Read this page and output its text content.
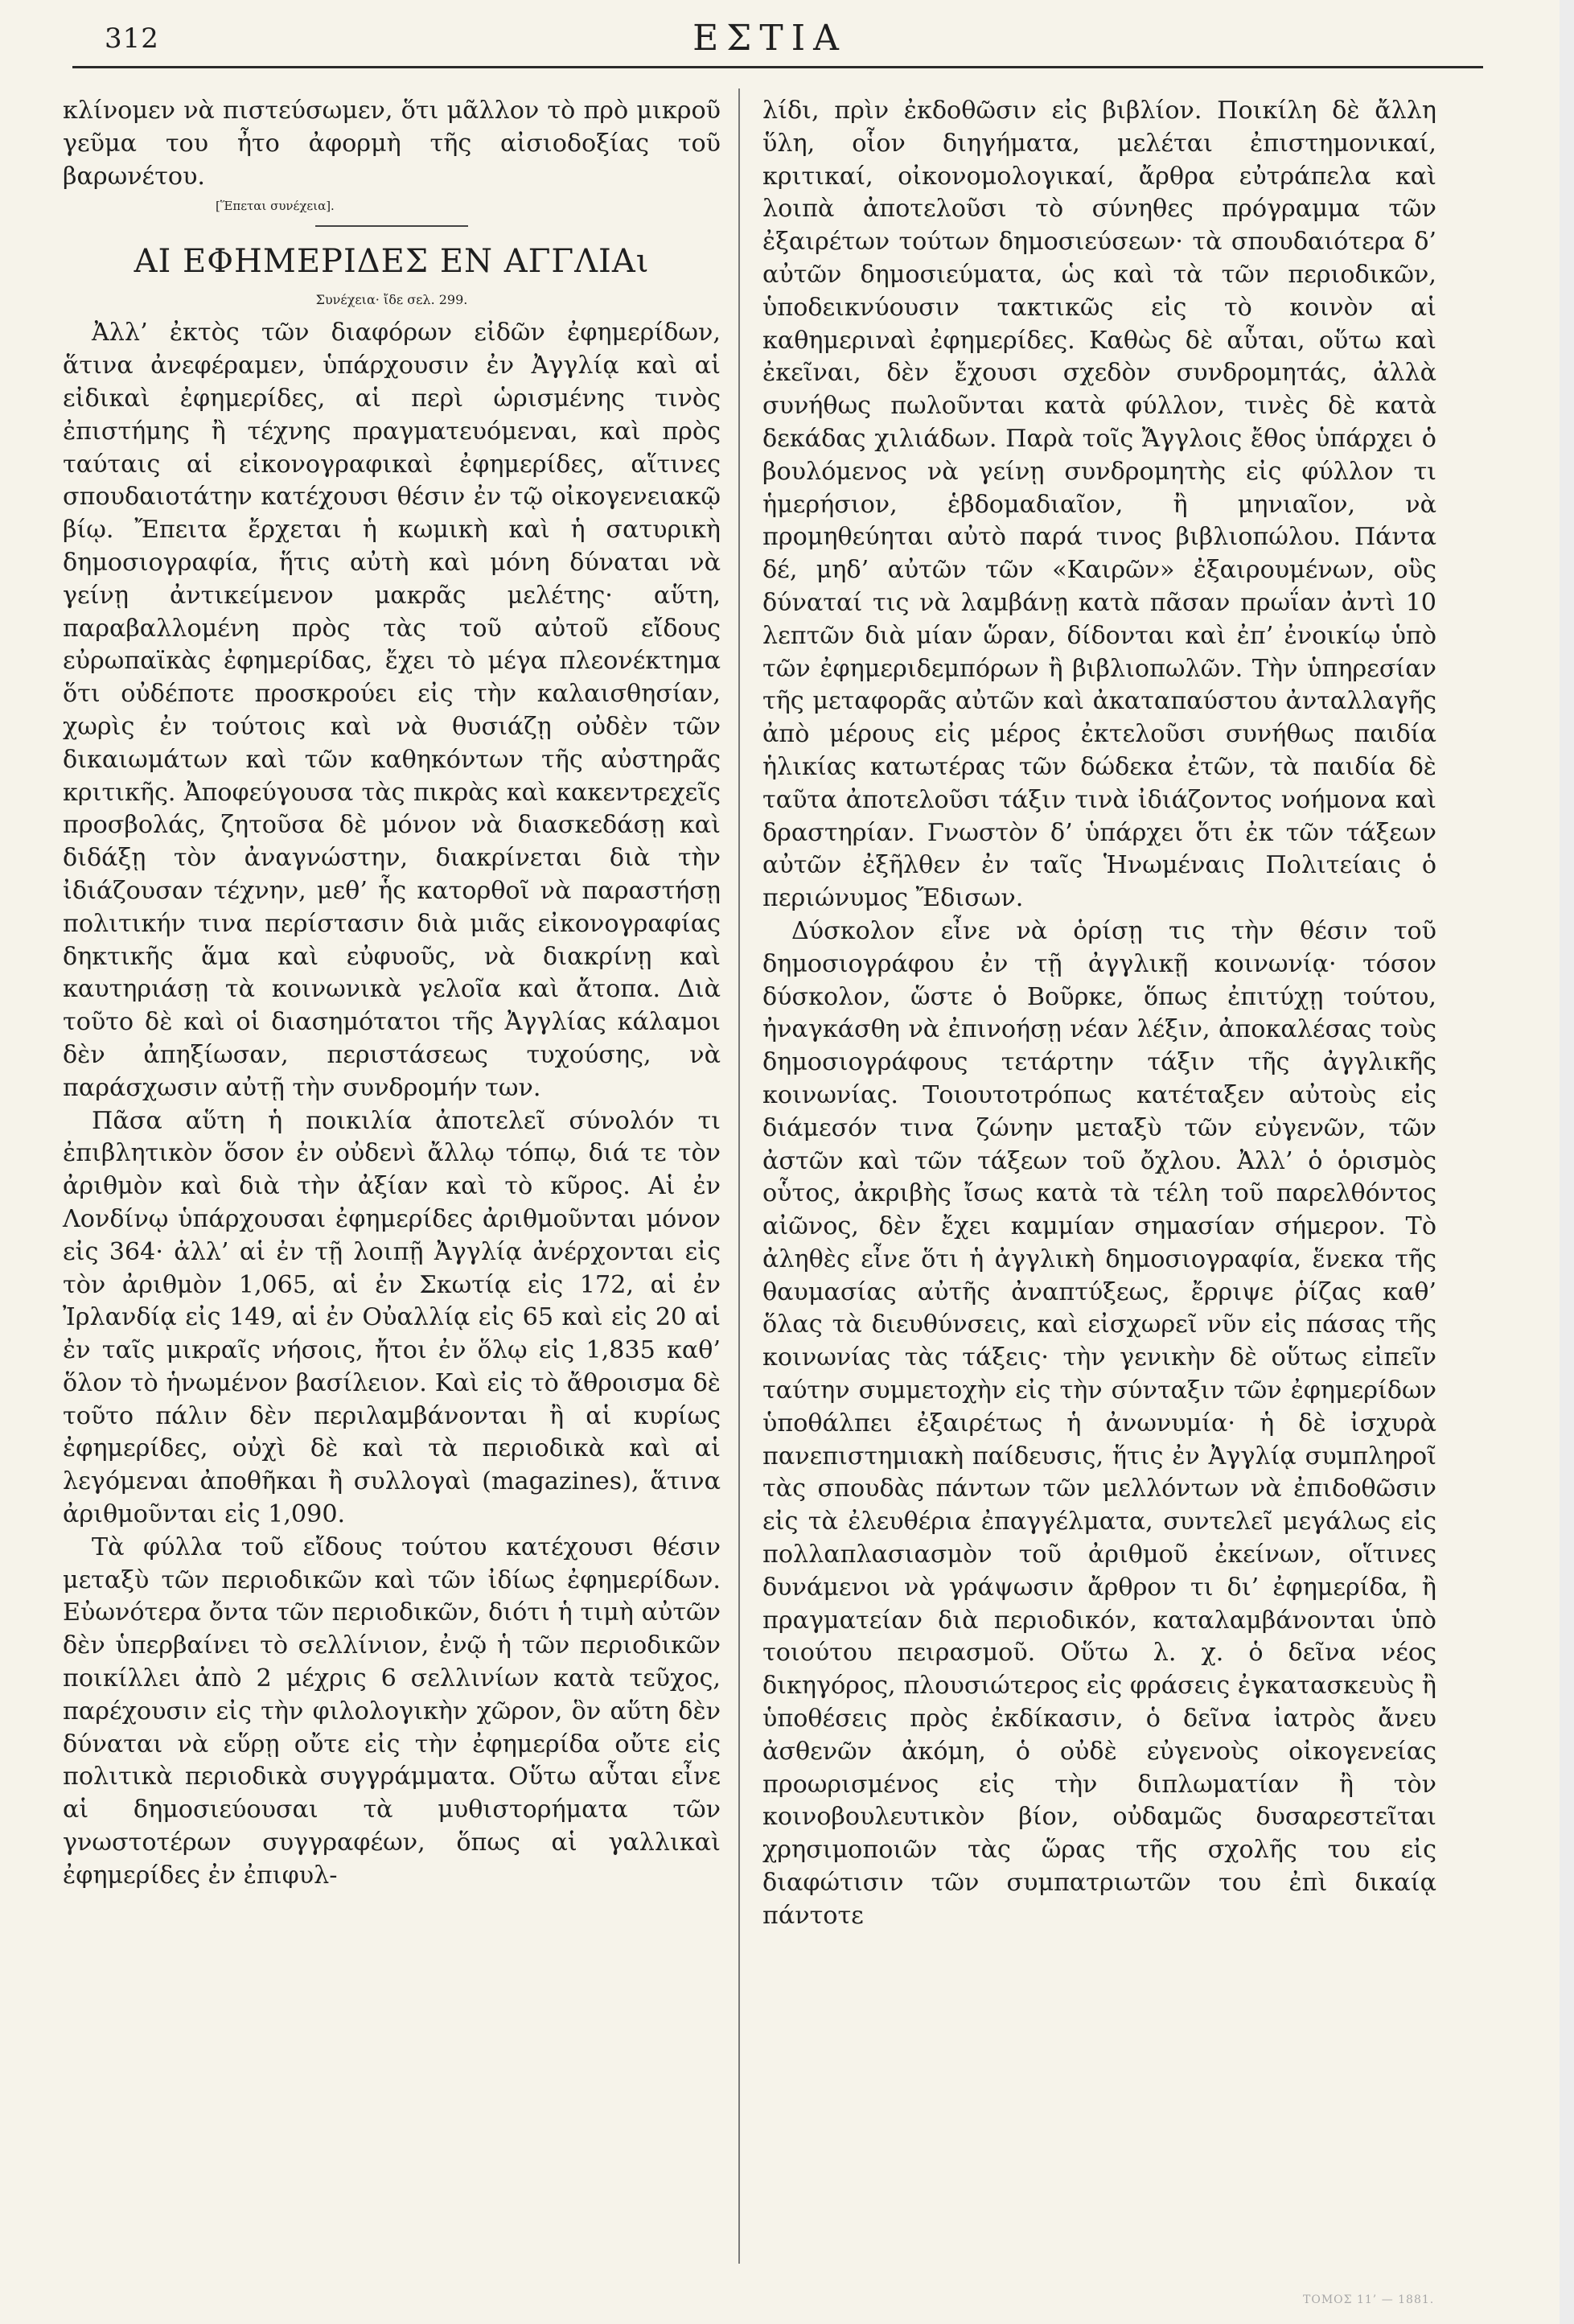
312	ΕΣΤΙΑ

κλίνομεν νὰ πιστεύσωμεν, ὅτι μᾶλλον τὸ πρὸ μικροῦ γεῦμα του ἦτο ἀφορμὴ τῆς αἰσιοδοξίας τοῦ βαρωνέτου.

[Ἕπεται συνέχεια].

ΑΙ ΕΦΗΜΕΡΙΔΕΣ ΕΝ ΑΓΓΛΙΑι

Συνέχεια· ἴδε σελ. 299.

Ἀλλ’ ἐκτὸς τῶν διαφόρων εἰδῶν ἐφημερίδων, ἅτινα ἀνεφέραμεν, ὑπάρχουσιν ἐν Ἀγγλίᾳ καὶ αἱ εἰδικαὶ ἐφημερίδες, αἱ περὶ ὡρισμένης τινὸς ἐπιστήμης ἢ τέχνης πραγματευόμεναι, καὶ πρὸς ταύταις αἱ εἰκονογραφικαὶ ἐφημερίδες, αἵτινες σπουδαιοτάτην κατέχουσι θέσιν ἐν τῷ οἰκογενειακῷ βίῳ. Ἔπειτα ἔρχεται ἡ κωμικὴ καὶ ἡ σατυρικὴ δημοσιογραφία, ἥτις αὐτὴ καὶ μόνη δύναται νὰ γείνῃ ἀντικείμενον μακρᾶς μελέτης· αὕτη, παραβαλλομένη πρὸς τὰς τοῦ αὐτοῦ εἴδους εὐρωπαϊκὰς ἐφημερίδας, ἔχει τὸ μέγα πλεονέκτημα ὅτι οὐδέποτε προσκρούει εἰς τὴν καλαισθησίαν, χωρὶς ἐν τούτοις καὶ νὰ θυσιάζῃ οὐδὲν τῶν δικαιωμάτων καὶ τῶν καθηκόντων τῆς αὐστηρᾶς κριτικῆς. Ἀποφεύγουσα τὰς πικρὰς καὶ κακεντρεχεῖς προσβολάς, ζητοῦσα δὲ μόνον νὰ διασκεδάσῃ καὶ διδάξῃ τὸν ἀναγνώστην, διακρίνεται διὰ τὴν ἰδιάζουσαν τέχνην, μεθ’ ἧς κατορθοῖ νὰ παραστήσῃ πολιτικήν τινα περίστασιν διὰ μιᾶς εἰκονογραφίας δηκτικῆς ἅμα καὶ εὐφυοῦς, νὰ διακρίνῃ καὶ καυτηριάσῃ τὰ κοινωνικὰ γελοῖα καὶ ἄτοπα. Διὰ τοῦτο δὲ καὶ οἱ διασημότατοι τῆς Ἀγγλίας κάλαμοι δὲν ἀπηξίωσαν, περιστάσεως τυχούσης, νὰ παράσχωσιν αὐτῇ τὴν συνδρομήν των.

Πᾶσα αὕτη ἡ ποικιλία ἀποτελεῖ σύνολόν τι ἐπιβλητικὸν ὅσον ἐν οὐδενὶ ἄλλῳ τόπῳ, διά τε τὸν ἀριθμὸν καὶ διὰ τὴν ἀξίαν καὶ τὸ κῦρος. Αἱ ἐν Λονδίνῳ ὑπάρχουσαι ἐφημερίδες ἀριθμοῦνται μόνον εἰς 364· ἀλλ’ αἱ ἐν τῇ λοιπῇ Ἀγγλίᾳ ἀνέρχονται εἰς τὸν ἀριθμὸν 1,065, αἱ ἐν Σκωτίᾳ εἰς 172, αἱ ἐν Ἰρλανδίᾳ εἰς 149, αἱ ἐν Οὐαλλίᾳ εἰς 65 καὶ εἰς 20 αἱ ἐν ταῖς μικραῖς νήσοις, ἤτοι ἐν ὅλῳ εἰς 1,835 καθ’ ὅλον τὸ ἡνωμένον βασίλειον. Καὶ εἰς τὸ ἄθροισμα δὲ τοῦτο πάλιν δὲν περιλαμβάνονται ἢ αἱ κυρίως ἐφημερίδες, οὐχὶ δὲ καὶ τὰ περιοδικὰ καὶ αἱ λεγόμεναι ἀποθῆκαι ἢ συλλογαὶ (magazines), ἅτινα ἀριθμοῦνται εἰς 1,090.

Τὰ φύλλα τοῦ εἴδους τούτου κατέχουσι θέσιν μεταξὺ τῶν περιοδικῶν καὶ τῶν ἰδίως ἐφημερίδων. Εὐωνότερα ὄντα τῶν περιοδικῶν, διότι ἡ τιμὴ αὐτῶν δὲν ὑπερβαίνει τὸ σελλίνιον, ἐνῷ ἡ τῶν περιοδικῶν ποικίλλει ἀπὸ 2 μέχρις 6 σελλινίων κατὰ τεῦχος, παρέχουσιν εἰς τὴν φιλολογικὴν χῶρον, ὃν αὕτη δὲν δύναται νὰ εὕρῃ οὔτε εἰς τὴν ἐφημερίδα οὔτε εἰς πολιτικὰ περιοδικὰ συγγράμματα. Οὕτω αὗται εἶνε αἱ δημοσιεύουσαι τὰ μυθιστορήματα τῶν γνωστοτέρων συγγραφέων, ὅπως αἱ γαλλικαὶ ἐφημερίδες ἐν ἐπιφυλ-

λίδι, πρὶν ἐκδοθῶσιν εἰς βιβλίον. Ποικίλη δὲ ἄλλη ὕλη, οἷον διηγήματα, μελέται ἐπιστημονικαί, κριτικαί, οἰκονομολογικαί, ἄρθρα εὐτράπελα καὶ λοιπὰ ἀποτελοῦσι τὸ σύνηθες πρόγραμμα τῶν ἐξαιρέτων τούτων δημοσιεύσεων· τὰ σπουδαιότερα δ’ αὐτῶν δημοσιεύματα, ὡς καὶ τὰ τῶν περιοδικῶν, ὑποδεικνύουσιν τακτικῶς εἰς τὸ κοινὸν αἱ καθημεριναὶ ἐφημερίδες. Καθὼς δὲ αὗται, οὕτω καὶ ἐκεῖναι, δὲν ἔχουσι σχεδὸν συνδρομητάς, ἀλλὰ συνήθως πωλοῦνται κατὰ φύλλον, τινὲς δὲ κατὰ δεκάδας χιλιάδων. Παρὰ τοῖς Ἄγγλοις ἔθος ὑπάρχει ὁ βουλόμενος νὰ γείνῃ συνδρομητὴς εἰς φύλλον τι ἡμερήσιον, ἑβδομαδιαῖον, ἢ μηνιαῖον, νὰ προμηθεύηται αὐτὸ παρά τινος βιβλιοπώλου. Πάντα δέ, μηδ’ αὐτῶν τῶν «Καιρῶν» ἐξαιρουμένων, οὓς δύναταί τις νὰ λαμβάνῃ κατὰ πᾶσαν πρωΐαν ἀντὶ 10 λεπτῶν διὰ μίαν ὥραν, δίδονται καὶ ἐπ’ ἐνοικίῳ ὑπὸ τῶν ἐφημεριδεμπόρων ἢ βιβλιοπωλῶν. Τὴν ὑπηρεσίαν τῆς μεταφορᾶς αὐτῶν καὶ ἀκαταπαύστου ἀνταλλαγῆς ἀπὸ μέρους εἰς μέρος ἐκτελοῦσι συνήθως παιδία ἡλικίας κατωτέρας τῶν δώδεκα ἐτῶν, τὰ παιδία δὲ ταῦτα ἀποτελοῦσι τάξιν τινὰ ἰδιάζοντος νοήμονα καὶ δραστηρίαν. Γνωστὸν δ’ ὑπάρχει ὅτι ἐκ τῶν τάξεων αὐτῶν ἐξῆλθεν ἐν ταῖς Ἡνωμέναις Πολιτείαις ὁ περιώνυμος Ἔδισων.

Δύσκολον εἶνε νὰ ὁρίσῃ τις τὴν θέσιν τοῦ δημοσιογράφου ἐν τῇ ἀγγλικῇ κοινωνίᾳ· τόσον δύσκολον, ὥστε ὁ Βοῦρκε, ὅπως ἐπιτύχῃ τούτου, ἠναγκάσθη νὰ ἐπινοήσῃ νέαν λέξιν, ἀποκαλέσας τοὺς δημοσιογράφους τετάρτην τάξιν τῆς ἀγγλικῆς κοινωνίας. Τοιουτοτρόπως κατέταξεν αὐτοὺς εἰς διάμεσόν τινα ζώνην μεταξὺ τῶν εὐγενῶν, τῶν ἀστῶν καὶ τῶν τάξεων τοῦ ὄχλου. Ἀλλ’ ὁ ὁρισμὸς οὗτος, ἀκριβὴς ἴσως κατὰ τὰ τέλη τοῦ παρελθόντος αἰῶνος, δὲν ἔχει καμμίαν σημασίαν σήμερον. Τὸ ἀληθὲς εἶνε ὅτι ἡ ἀγγλικὴ δημοσιογραφία, ἕνεκα τῆς θαυμασίας αὐτῆς ἀναπτύξεως, ἔρριψε ῥίζας καθ’ ὅλας τὰ διευθύνσεις, καὶ εἰσχωρεῖ νῦν εἰς πάσας τῆς κοινωνίας τὰς τάξεις· τὴν γενικὴν δὲ οὕτως εἰπεῖν ταύτην συμμετοχὴν εἰς τὴν σύνταξιν τῶν ἐφημερίδων ὑποθάλπει ἐξαιρέτως ἡ ἀνωνυμία· ἡ δὲ ἰσχυρὰ πανεπιστημιακὴ παίδευσις, ἥτις ἐν Ἀγγλίᾳ συμπληροῖ τὰς σπουδὰς πάντων τῶν μελλόντων νὰ ἐπιδοθῶσιν εἰς τὰ ἐλευθέρια ἐπαγγέλματα, συντελεῖ μεγάλως εἰς πολλαπλασιασμὸν τοῦ ἀριθμοῦ ἐκείνων, οἵτινες δυνάμενοι νὰ γράψωσιν ἄρθρον τι δι’ ἐφημερίδα, ἢ πραγματείαν διὰ περιοδικόν, καταλαμβάνονται ὑπὸ τοιούτου πειρασμοῦ. Οὕτω λ. χ. ὁ δεῖνα νέος δικηγόρος, πλουσιώτερος εἰς φράσεις ἐγκατασκευὺς ἢ ὑποθέσεις πρὸς ἐκδίκασιν, ὁ δεῖνα ἰατρὸς ἄνευ ἀσθενῶν ἀκόμη, ὁ οὐδὲ εὐγενοὺς οἰκογενείας προωρισμένος εἰς τὴν διπλωματίαν ἢ τὸν κοινοβουλευτικὸν βίον, οὐδαμῶς δυσαρεστεῖται χρησιμοποιῶν τὰς ὥρας τῆς σχολῆς του εἰς διαφώτισιν τῶν συμπατριωτῶν του ἐπὶ δικαίᾳ πάντοτε

ΤΟΜΟΣ 11’ — 1881.
